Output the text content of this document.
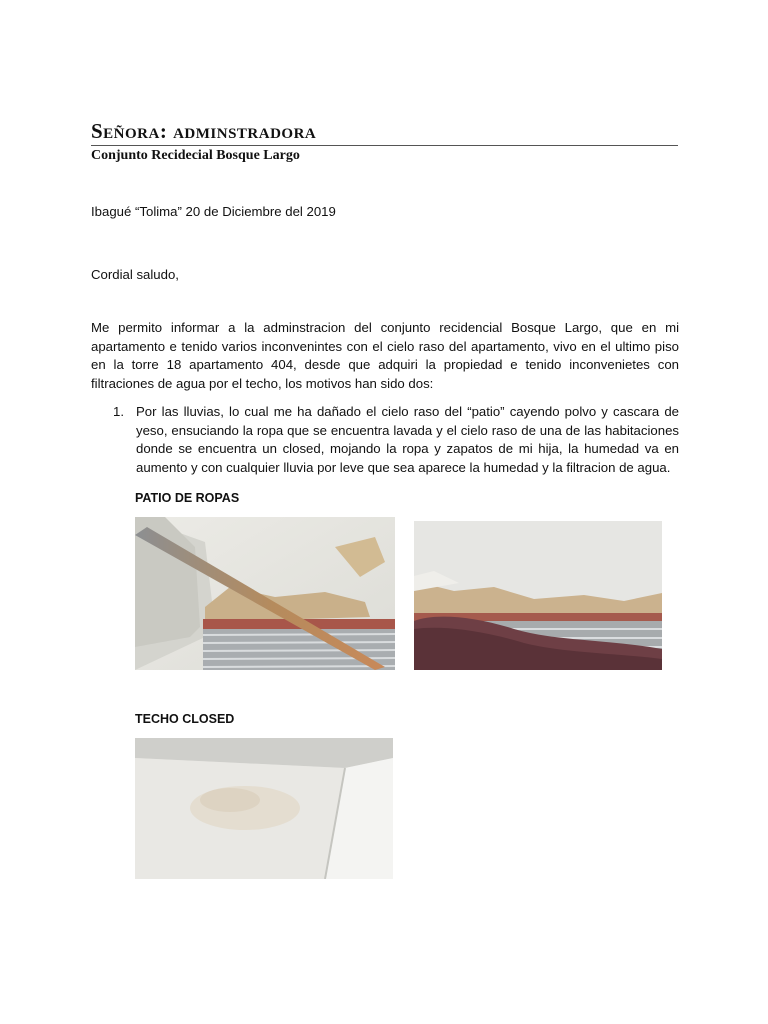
Señora: adminstradora
Conjunto Recidecial Bosque Largo
Ibagué “Tolima” 20 de Diciembre del 2019
Cordial saludo,
Me permito informar a la adminstracion del conjunto recidencial Bosque Largo, que en mi apartamento e tenido varios inconvenintes con el cielo raso del apartamento, vivo en el ultimo piso en la torre 18 apartamento 404, desde que adquiri la propiedad e tenido inconvenietes con filtraciones de agua por el techo, los motivos han sido dos:
1. Por las lluvias, lo cual me ha dañado el cielo raso del “patio” cayendo polvo y cascara de yeso, ensuciando la ropa que se encuentra lavada y el cielo raso de una de las habitaciones donde se encuentra un closed, mojando la ropa y zapatos de mi hija, la humedad va en aumento y con cualquier lluvia por leve que sea aparece la humedad y la filtracion de agua.
PATIO DE ROPAS
TECHO CLOSED
